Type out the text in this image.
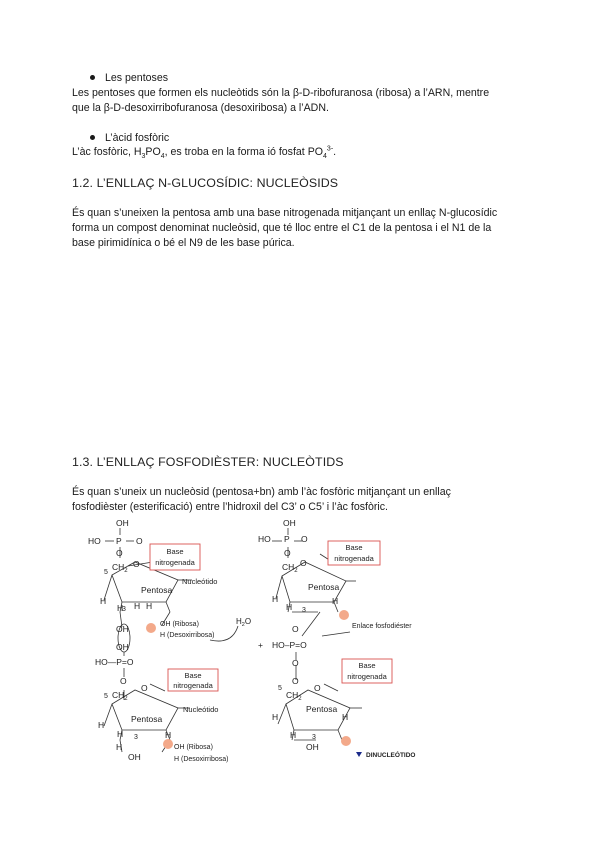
Les pentoses
Les pentoses que formen els nucleòtids són la β-D-ribofuranosa (ribosa) a l’ARN, mentre
que la β-D-desoxirribofuranosa (desoxiribosa) a l’ADN.
L’àcid fosfòric
L’àc fosfòric, $H_3PO_4$, es troba en la forma ió fosfat $PO_4^{3-}$.
1.2. L’ENLLAÇ N-GLUCOSÍDIC: NUCLEÒSIDS
És quan s’uneixen la pentosa amb una base nitrogenada mitjançant un enllaç N-glucosídic
forma un compost denominat nucleòsid, que té lloc entre el C1 de la pentosa i el N1 de la
base pirimidínica o bé el N9 de les base púrica.
1.3. L’ENLLAÇ FOSFODIÈSTER: NUCLEÒTIDS
És quan s’uneix un nucleòsid (pentosa+bn) amb l’àc fosfòric mitjançant un enllaç
fosfodièster (esterificació) entre l’hidroxil del C3’ o C5’ i l’àc fosfòric.
Base
nitrogenada
Base
nitrogenada
Base
nitrogenada
Base
nitrogenada
OH
HO P O
O
$CH_2$
5
O
Pentosa
Nucleótido
H
H
3 H H
OH
OH
HO—P=O
OH (Ribosa)
H (Desoxirribosa)
$H_2O$
O
$CH_2$
5
O
Pentosa
Nucleótido
H
H 3	H
H
OH
OH (Ribosa)
H (Desoxirribosa)
OH
HO P O
O
$CH_2$
O
Pentosa
H
H 3
H
O
+ HO–P=O
Enlace fosfodiéster
O
O
$CH_2$
5	O
Pentosa
H
H 3
H
OH
DINUCLEÓTIDO
